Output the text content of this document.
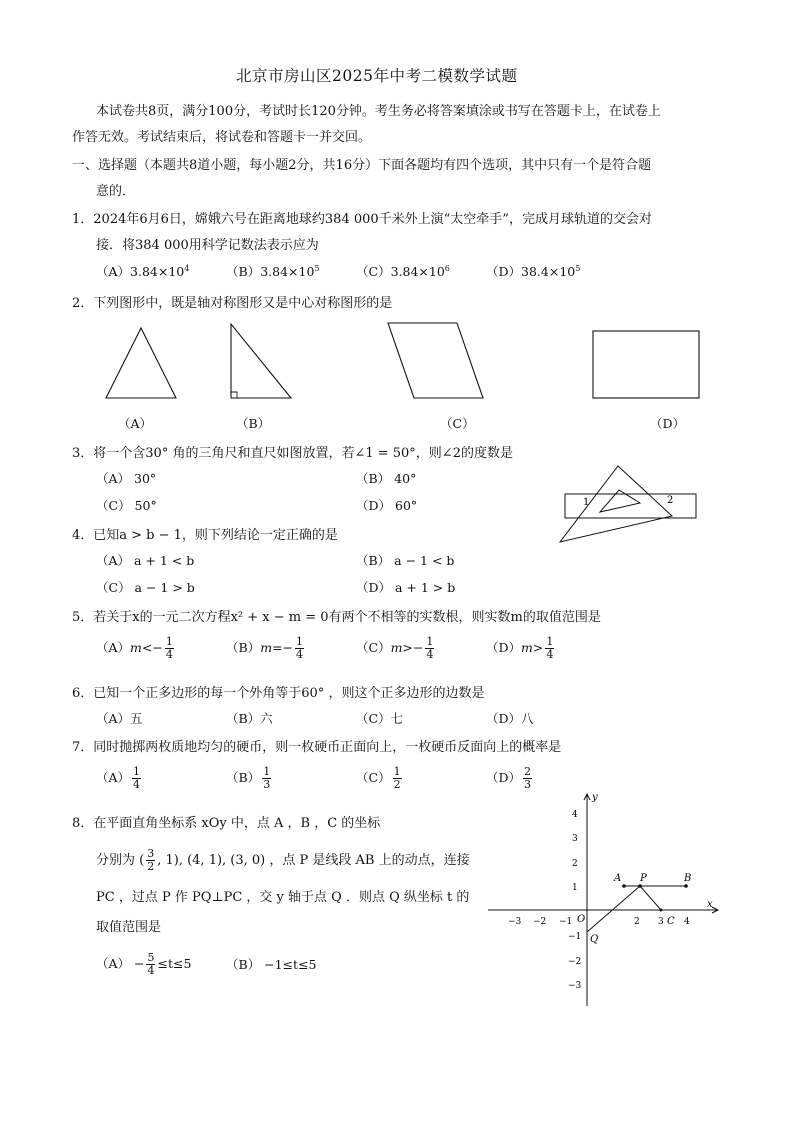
北京市房山区2025年中考二模数学试题
本试卷共8页，满分100分，考试时长120分钟。考生务必将答案填涂或书写在答题卡上，在试卷上
作答无效。考试结束后，将试卷和答题卡一并交回。
一、选择题（本题共8道小题，每小题2分，共16分）下面各题均有四个选项，其中只有一个是符合题
意的．
1．2024年6月6日，嫦娥六号在距离地球约384 000千米外上演“太空牵手”，完成月球轨道的交会对
接．将384 000用科学记数法表示应为
$(A)3.84\times 10^4$	$(B)3.84\times 10^5$	$(C)3.84\times 10^6$	$(D)38.4\times 10^5$
2．下列图形中，既是轴对称图形又是中心对称图形的是
（A）	（B）	（C）	（D）
3．将一个含30° 角的三角尺和直尺如图放置，若∠1 = 50°，则∠2的度数是
（A） 30°	（B） 40°
（C） 50°	（D） 60°	1	2
4．已知a > b − 1，则下列结论一定正确的是
（A） a + 1 < b	（B） a − 1 < b
（C） a − 1 > b	（D） a + 1 > b
5．若关于x的一元二次方程x² + x − m = 0有两个不相等的实数根，则实数m的取值范围是
$(A)m<- \frac{1}{4}$	$(B)m=- \frac{1}{4}$	$(C)m>- \frac{1}{4}$	$(D)m> \frac{1}{4}$
6．已知一个正多边形的每一个外角等于60° ，则这个正多边形的边数是
（A）五	（B）六	（C）七	（D）八
7．同时抛掷两枚质地均匀的硬币，则一枚硬币正面向上，一枚硬币反面向上的概率是
$(A) \frac{1}{4}$	$(B) \frac{1}{3}$	$(C) \frac{1}{2}$	$(D) \frac{2}{3}$
8．在平面直角坐标系 xOy 中，点 A ，B ，C 的坐标
分别为 ( $\frac{3}{2}$ , 1), (4, 1), (3, 0) ，点 P 是线段 AB 上的动点，连接
PC ，过点 P 作 PQ⊥PC ，交 y 轴于点 Q ．则点 Q 纵坐标 t 的
取值范围是
$(A) - \frac{5}{4} \le t\le 5$	（B） −1≤t≤5
x
y
O
−3 −2 −1	2 3 4
4
3
2
1
−1
−2
−3
A P	B
C
Q
